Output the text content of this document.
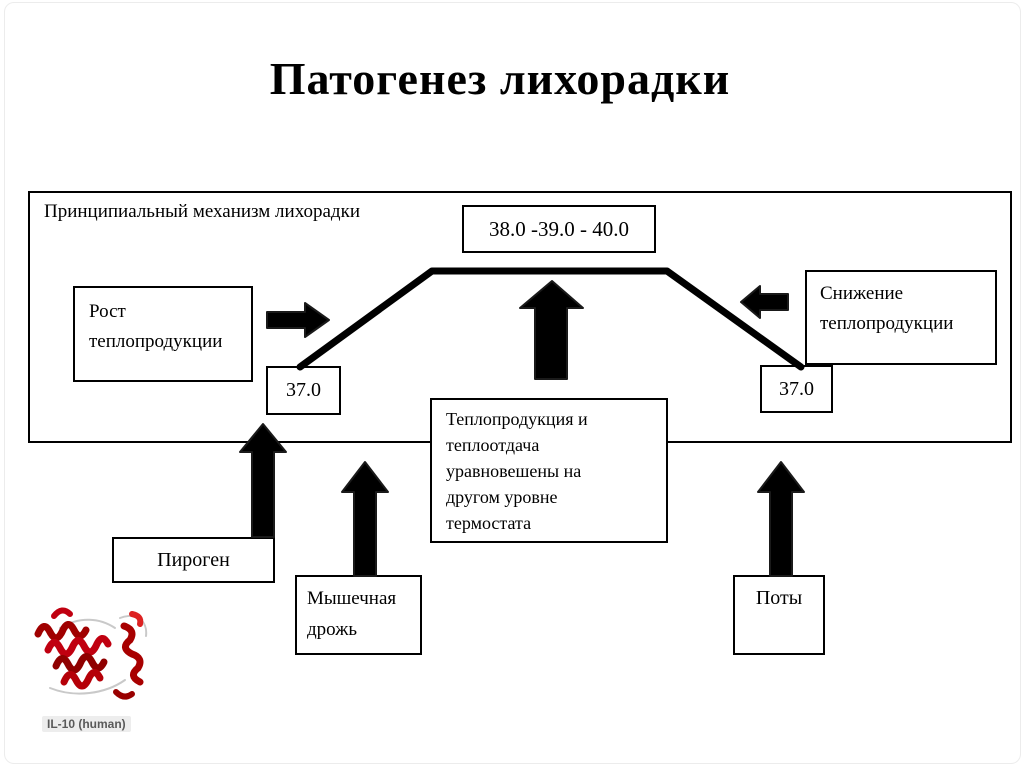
Патогенез лихорадки
Принципиальный механизм лихорадки
38.0 -39.0 - 40.0
Рост
теплопродукции
Снижение
теплопродукции
37.0	37.0
Теплопродукция и
теплоотдача
уравновешены на
другом уровне
термостата
Пироген
Мышечная
дрожь
Поты
IL-10 (human)
